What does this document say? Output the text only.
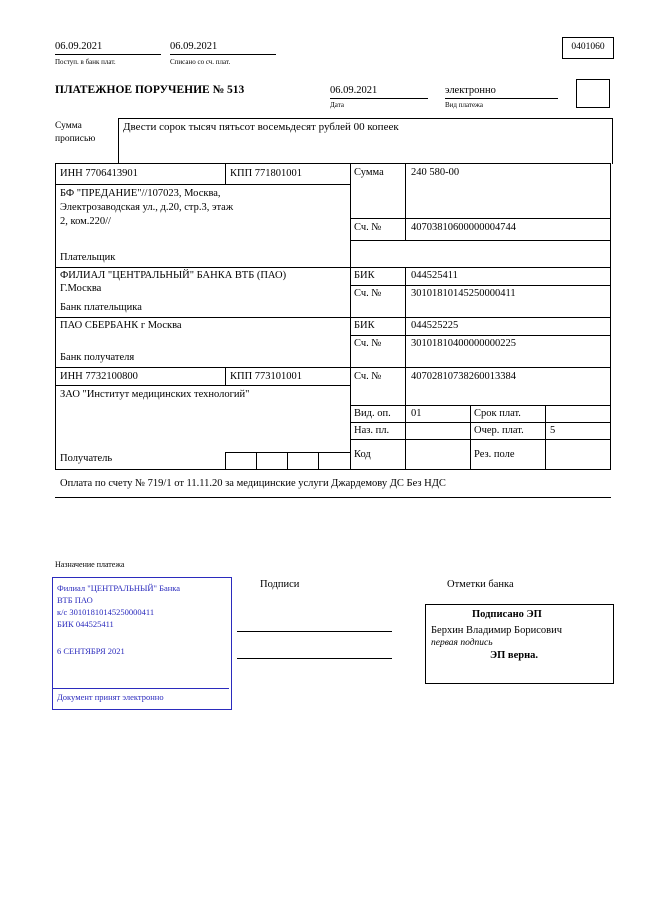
06.09.2021
Поступ. в банк плат.
06.09.2021
Списано со сч. плат.
0401060
ПЛАТЕЖНОЕ ПОРУЧЕНИЕ № 513	06.09.2021
Дата
электронно
Вид платежа
Сумма
прописью
Двести сорок тысяч пятьсот восемьдесят рублей 00 копеек
ИНН 7706413901	КПП 771801001	Сумма	240 580-00
БФ "ПРЕДАНИЕ"//107023, Москва,
Электрозаводская ул., д.20, стр.3, этаж
2, ком.220//
Сч. №	40703810600000004744
Плательщик
ФИЛИАЛ "ЦЕНТРАЛЬНЫЙ" БАНКА ВТБ (ПАО)
Г.Москва
БИК	044525411
Сч. №	30101810145250000411
Банк плательщика
ПАО СБЕРБАНК г Москва	БИК	044525225
Сч. №	30101810400000000225
Банк получателя
ИНН 7732100800	КПП 773101001	Сч. №	40702810738260013384
ЗАО "Институт медицинских технологий"
Получатель
Вид. оп. 01	Срок плат.
Наз. пл.	Очер. плат.	5
Код	Рез. поле
Оплата по счету № 719/1 от 11.11.20 за медицинские услуги Джардемову ДС Без НДС
Назначение платежа
Подписи	Отметки банка
Филиал "ЦЕНТРАЛЬНЫЙ" Банка
ВТБ ПАО
к/с 30101810145250000411
БИК 044525411
6 СЕНТЯБРЯ 2021
Документ принят электронно
Подписано ЭП
Берхин Владимир Борисович
первая подпись
ЭП верна.
